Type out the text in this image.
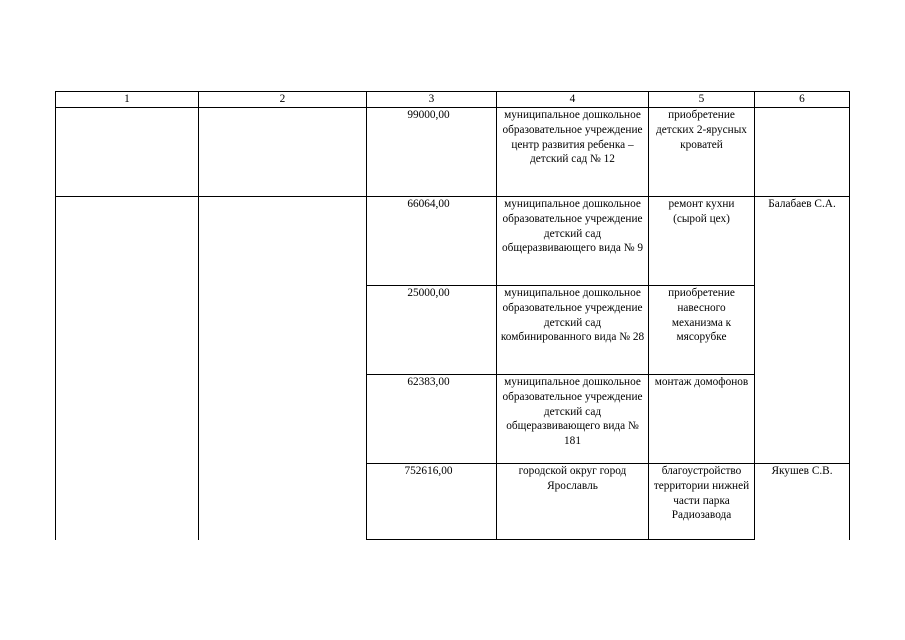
1	2	3	4	5	6
		99000,00	муниципальное дошкольное образовательное учреждение центр развития ребенка – детский сад № 12	приобретение детских 2-ярусных кроватей	
		66064,00	муниципальное дошкольное образовательное учреждение детский сад общеразвивающего вида № 9	ремонт кухни (сырой цех)	Балабаев С.А.
		25000,00	муниципальное дошкольное образовательное учреждение детский сад комбинированного вида № 28	приобретение навесного механизма к мясорубке	
		62383,00	муниципальное дошкольное образовательное учреждение детский сад общеразвивающего вида № 181	монтаж домофонов	
		752616,00	городской округ город Ярославль	благоустройство территории нижней части парка Радиозавода	Якушев С.В.
